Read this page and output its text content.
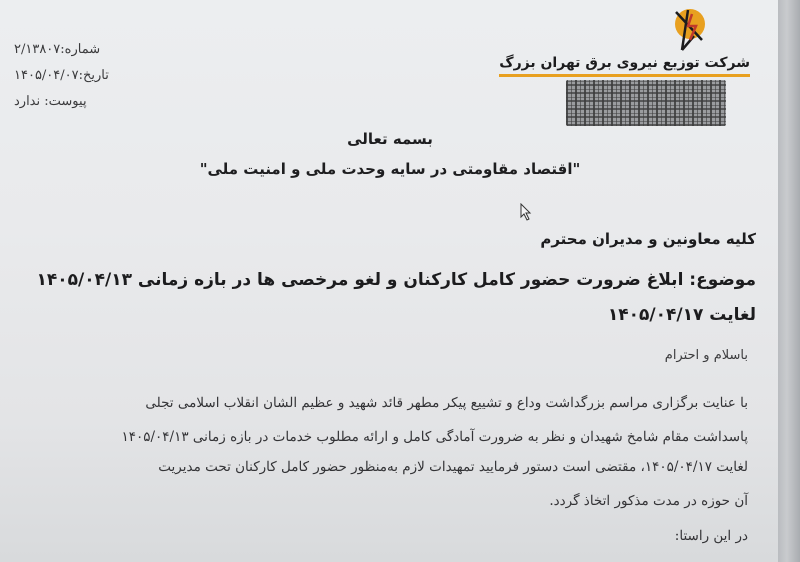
شماره:۲/۱۳۸۰۷
تاریخ:۱۴۰۵/۰۴/۰۷
پیوست: ندارد
شرکت توزیع نیروی برق تهران بزرگ
بسمه تعالی
"اقتصاد مقاومتی در سایه وحدت ملی و امنیت ملی"
کلیه معاونین و مدیران محترم
موضوع: ابلاغ ضرورت حضور کامل کارکنان و لغو مرخصی ها در بازه زمانی ۱۴۰۵/۰۴/۱۳
لغایت ۱۴۰۵/۰۴/۱۷
باسلام و احترام
با عنایت برگزاری مراسم بزرگداشت وداع و تشییع پیکر مطهر قائد شهید و عظیم الشان انقلاب اسلامی تجلی
پاسداشت مقام شامخ شهیدان و نظر به ضرورت آمادگی کامل و ارائه مطلوب خدمات در بازه زمانی ۱۴۰۵/۰۴/۱۳
لغایت ۱۴۰۵/۰۴/۱۷، مقتضی است دستور فرمایید تمهیدات لازم به‌منظور حضور کامل کارکنان تحت مدیریت
آن حوزه در مدت مذکور اتخاذ گردد.
در این راستا:
